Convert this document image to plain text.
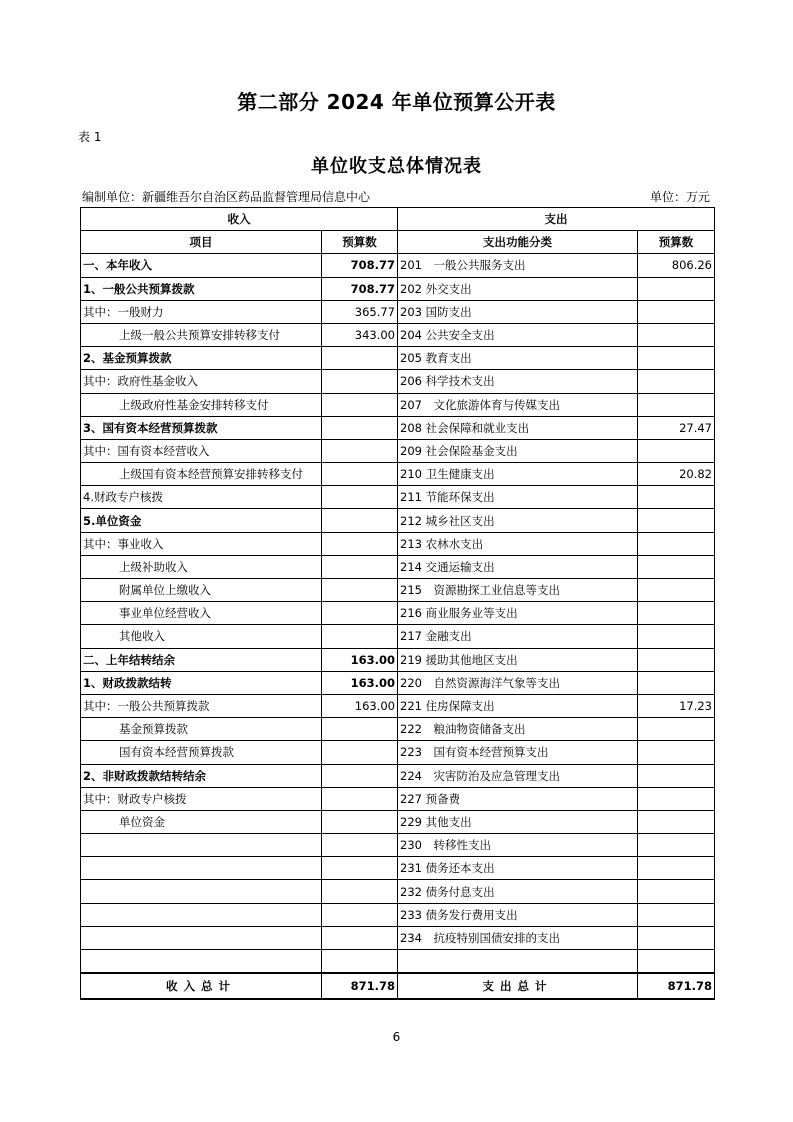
第二部分 2024 年单位预算公开表
表 1
单位收支总体情况表
编制单位：新疆维吾尔自治区药品监督管理局信息中心	单位：万元
收入		支出	
项目	预算数	支出功能分类	预算数
一、本年收入	708.77	201　一般公共服务支出	806.26
1、一般公共预算拨款	708.77	202 外交支出	
其中：一般财力	365.77	203 国防支出	
上级一般公共预算安排转移支付	343.00	204 公共安全支出	
2、基金预算拨款		205 教育支出	
其中：政府性基金收入		206 科学技术支出	
上级政府性基金安排转移支付		207　文化旅游体育与传媒支出	
3、国有资本经营预算拨款		208 社会保障和就业支出	27.47
其中：国有资本经营收入		209 社会保险基金支出	
上级国有资本经营预算安排转移支付		210 卫生健康支出	20.82
4.财政专户核拨		211 节能环保支出	
5.单位资金		212 城乡社区支出	
其中：事业收入		213 农林水支出	
上级补助收入		214 交通运输支出	
附属单位上缴收入		215　资源勘探工业信息等支出	
事业单位经营收入		216 商业服务业等支出	
其他收入		217 金融支出	
二、上年结转结余	163.00	219 援助其他地区支出	
1、财政拨款结转	163.00	220　自然资源海洋气象等支出	
其中：一般公共预算拨款	163.00	221 住房保障支出	17.23
基金预算拨款		222　粮油物资储备支出	
国有资本经营预算拨款		223　国有资本经营预算支出	
2、非财政拨款结转结余		224　灾害防治及应急管理支出	
其中：财政专户核拨		227 预备费	
单位资金		229 其他支出	
		230　转移性支出	
		231 债务还本支出	
		232 债务付息支出	
		233 债务发行费用支出	
		234　抗疫特别国债安排的支出	

收入总计	871.78	支出总计	871.78
6
